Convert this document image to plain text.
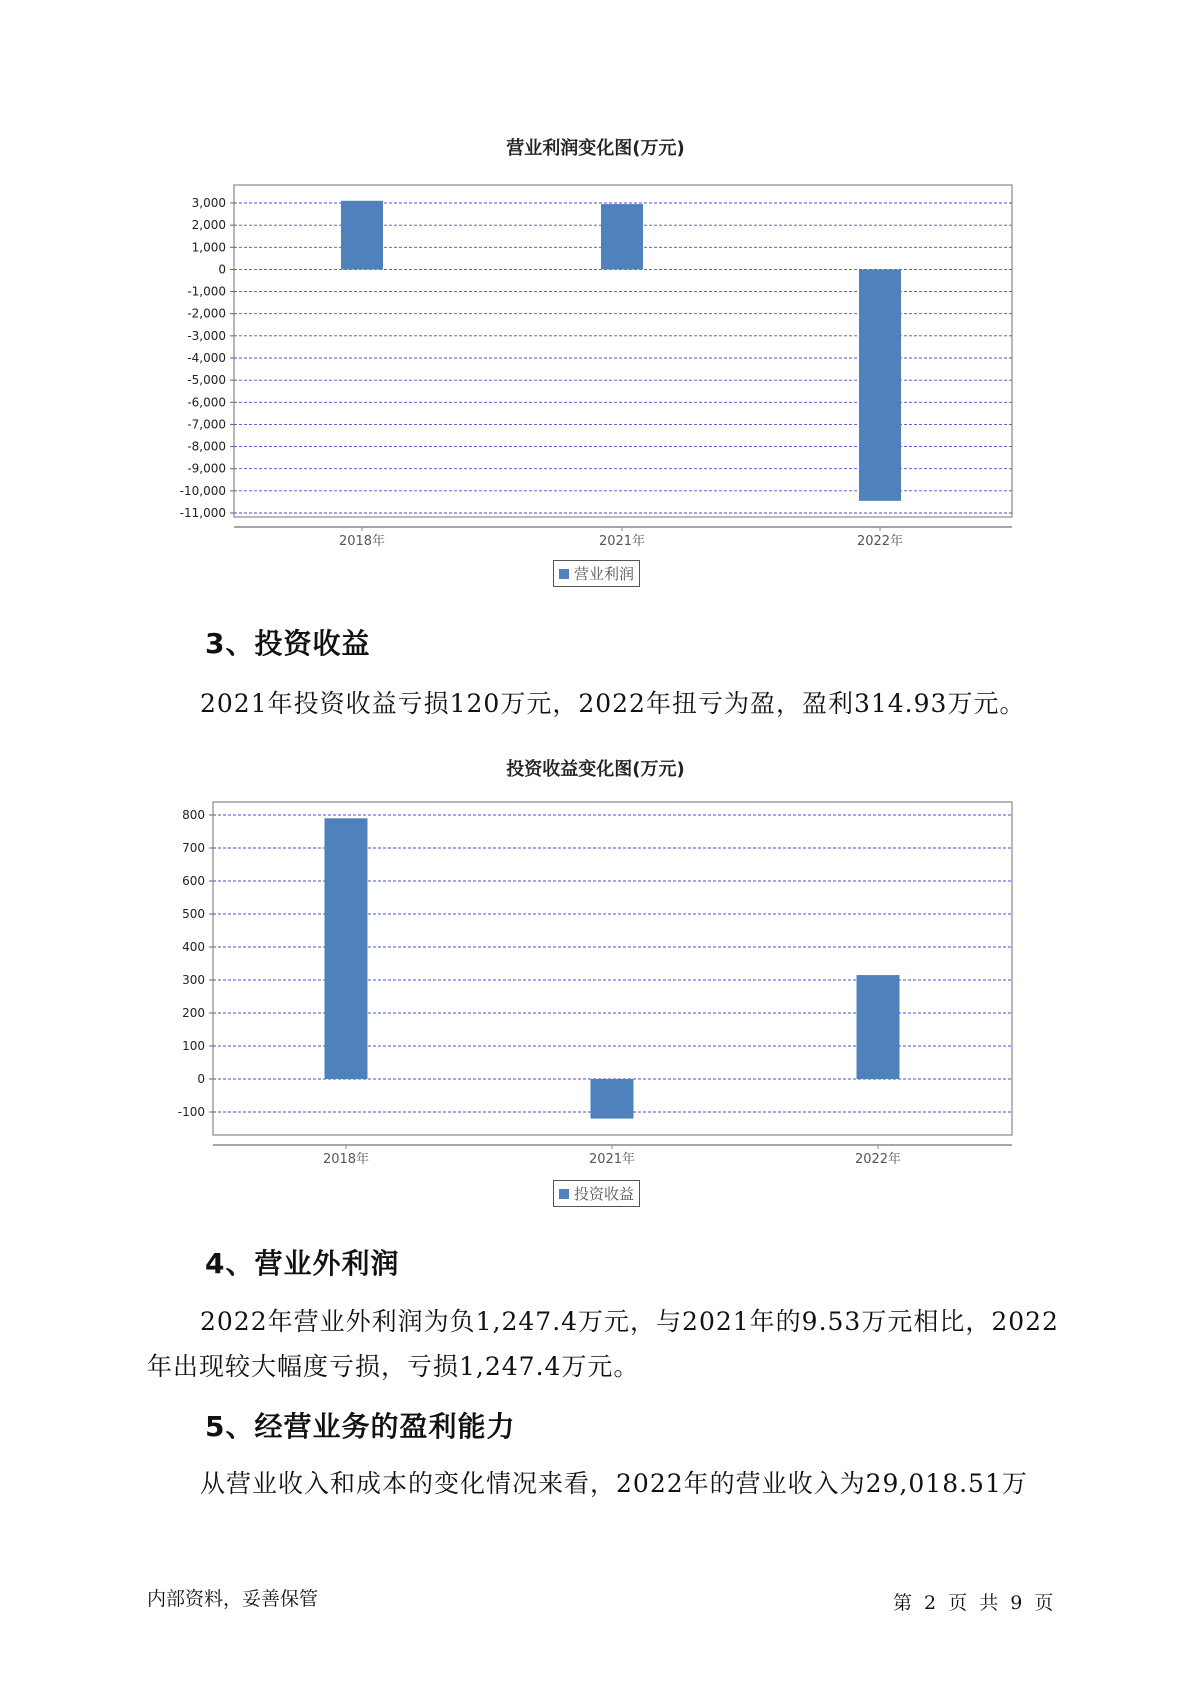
营业利润变化图(万元)
3,000
2,000
1,000
0
-1,000
-2,000
-3,000
-4,000
-5,000
-6,000
-7,000
-8,000
-9,000
-10,000
-11,000
2018年	2021年	2022年
营业利润
3、投资收益
2021年投资收益亏损120万元，2022年扭亏为盈，盈利314.93万元。
投资收益变化图(万元)
800
700
600
500
400
300
200
100
0
-100
2018年	2021年	2022年
投资收益
4、营业外利润
2022年营业外利润为负1,247.4万元，与2021年的9.53万元相比，2022
年出现较大幅度亏损，亏损1,247.4万元。
5、经营业务的盈利能力
从营业收入和成本的变化情况来看，2022年的营业收入为29,018.51万
内部资料，妥善保管	第 2 页 共 9 页
